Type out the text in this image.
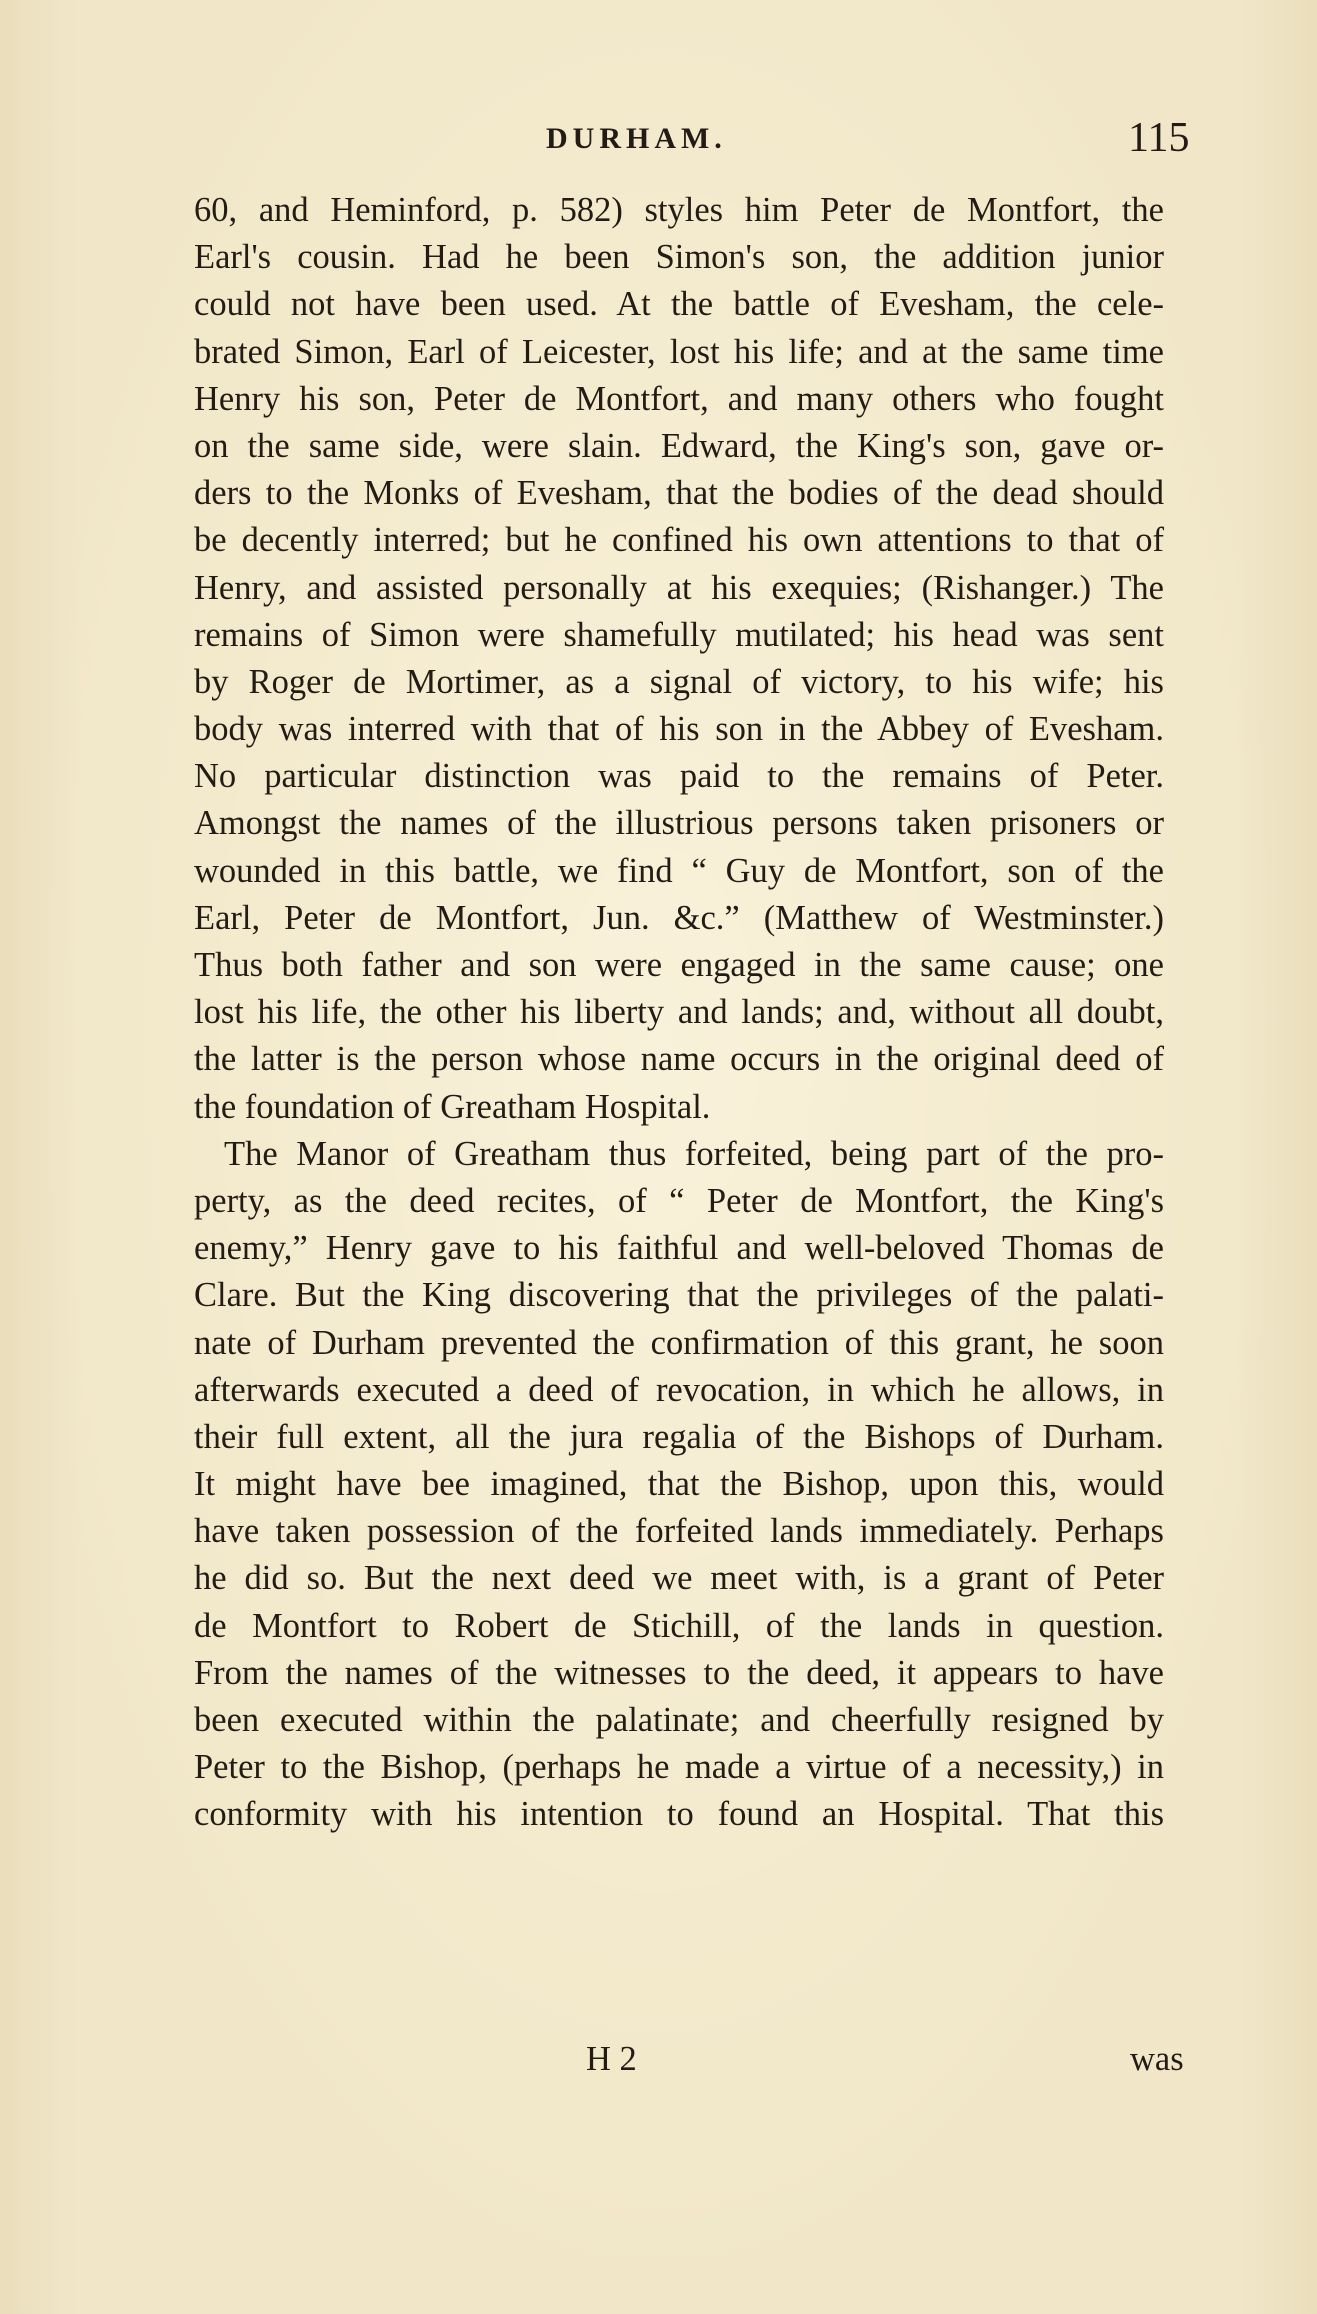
DURHAM.	115
60, and Heminford, p. 582) styles him Peter de Montfort, the
Earl's cousin. Had he been Simon's son, the addition junior
could not have been used. At the battle of Evesham, the cele-
brated Simon, Earl of Leicester, lost his life; and at the same time
Henry his son, Peter de Montfort, and many others who fought
on the same side, were slain. Edward, the King's son, gave or-
ders to the Monks of Evesham, that the bodies of the dead should
be decently interred; but he confined his own attentions to that of
Henry, and assisted personally at his exequies; (Rishanger.) The
remains of Simon were shamefully mutilated; his head was sent
by Roger de Mortimer, as a signal of victory, to his wife; his
body was interred with that of his son in the Abbey of Evesham.
No particular distinction was paid to the remains of Peter.
Amongst the names of the illustrious persons taken prisoners or
wounded in this battle, we find “ Guy de Montfort, son of the
Earl, Peter de Montfort, Jun. &c.” (Matthew of Westminster.)
Thus both father and son were engaged in the same cause; one
lost his life, the other his liberty and lands; and, without all doubt,
the latter is the person whose name occurs in the original deed of
the foundation of Greatham Hospital.
The Manor of Greatham thus forfeited, being part of the pro-
perty, as the deed recites, of “ Peter de Montfort, the King's
enemy,” Henry gave to his faithful and well-beloved Thomas de
Clare. But the King discovering that the privileges of the palati-
nate of Durham prevented the confirmation of this grant, he soon
afterwards executed a deed of revocation, in which he allows, in
their full extent, all the jura regalia of the Bishops of Durham.
It might have bee imagined, that the Bishop, upon this, would
have taken possession of the forfeited lands immediately. Perhaps
he did so. But the next deed we meet with, is a grant of Peter
de Montfort to Robert de Stichill, of the lands in question.
From the names of the witnesses to the deed, it appears to have
been executed within the palatinate; and cheerfully resigned by
Peter to the Bishop, (perhaps he made a virtue of a necessity,) in
conformity with his intention to found an Hospital. That this
H 2	was
